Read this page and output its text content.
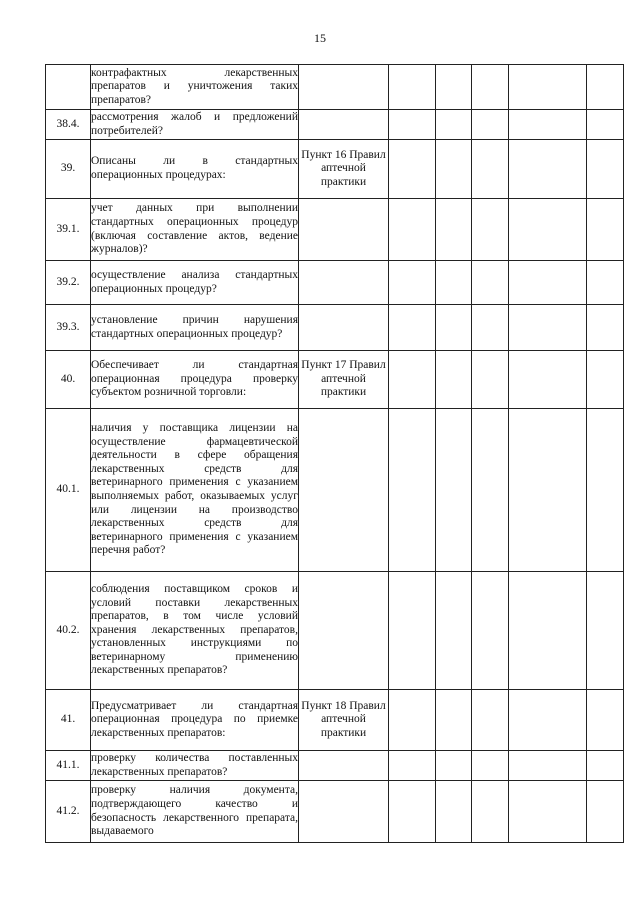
15
	контрафактных лекарственных препаратов и уничтожения таких препаратов?						
38.4.	рассмотрения жалоб и предложений потребителей?						
39.	Описаны ли в стандартных операционных процедурах:	Пункт 16 Правил аптечной практики					
39.1.	учет данных при выполнении стандартных операционных процедур (включая составление актов, ведение журналов)?						
39.2.	осуществление анализа стандартных операционных процедур?						
39.3.	установление причин нарушения стандартных операционных процедур?						
40.	Обеспечивает ли стандартная операционная процедура проверку субъектом розничной торговли:	Пункт 17 Правил аптечной практики					
40.1.	наличия у поставщика лицензии на осуществление фармацевтической деятельности в сфере обращения лекарственных средств для ветеринарного применения с указанием выполняемых работ, оказываемых услуг или лицензии на производство лекарственных средств для ветеринарного применения с указанием перечня работ?						
40.2.	соблюдения поставщиком сроков и условий поставки лекарственных препаратов, в том числе условий хранения лекарственных препаратов, установленных инструкциями по ветеринарному применению лекарственных препаратов?						
41.	Предусматривает ли стандартная операционная процедура по приемке лекарственных препаратов:	Пункт 18 Правил аптечной практики					
41.1.	проверку количества поставленных лекарственных препаратов?						
41.2.	проверку наличия документа, подтверждающего качество и безопасность лекарственного препарата, выдаваемого						
